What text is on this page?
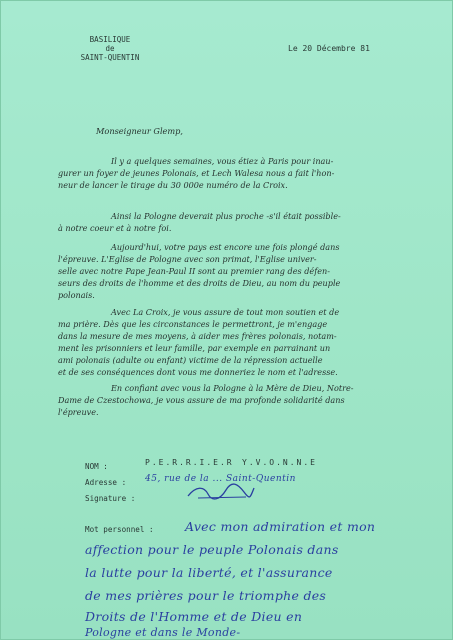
BASILIQUE
de
SAINT-QUENTIN
Le 20 Décembre 81
Monseigneur Glemp,
Il y a quelques semaines, vous étiez à Paris pour inau-
gurer un foyer de jeunes Polonais, et Lech Walesa nous a fait l'hon-
neur de lancer le tirage du 30 000e numéro de la Croix.
Ainsi la Pologne deverait plus proche -s'il était possible-
à notre coeur et à notre foi.
Aujourd'hui, votre pays est encore une fois plongé dans
l'épreuve. L'Eglise de Pologne avec son primat, l'Eglise univer-
selle avec notre Pape Jean-Paul II sont au premier rang des défen-
seurs des droits de l'homme et des droits de Dieu, au nom du peuple
polonais.
Avec La Croix, je vous assure de tout mon soutien et de
ma prière. Dès que les circonstances le permettront, je m'engage
dans la mesure de mes moyens, à aider mes frères polonais, notam-
ment les prisonniers et leur famille, par exemple en parrainant un
ami polonais (adulte ou enfant) victime de la répression actuelle
et de ses conséquences dont vous me donneriez le nom et l'adresse.
En confiant avec vous la Pologne à la Mère de Dieu, Notre-
Dame de Czestochowa, je vous assure de ma profonde solidarité dans
l'épreuve.
NOM :	P.E.R.R.I.E.R Y.V.O.N.N.E
Adresse : 45, rue de la ... Saint-Quentin
Signature :
Mot personnel :	Avec mon admiration et mon
affection pour le peuple Polonais dans
la lutte pour la liberté, et l'assurance
de mes prières pour le triomphe des
Droits de l'Homme et de Dieu en
Pologne et dans le Monde-
